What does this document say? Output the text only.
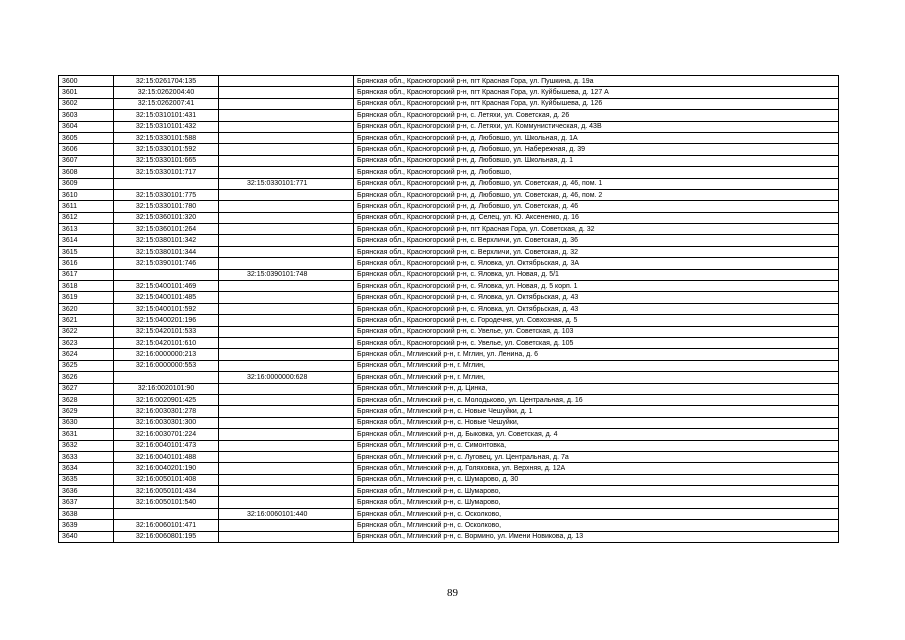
3600	32:15:0261704:135		Брянская обл., Красногорский р-н, пгт Красная Гора, ул. Пушкина, д. 19а
3601	32:15:0262004:40		Брянская обл., Красногорский р-н, пгт Красная Гора, ул. Куйбышева, д. 127 А
3602	32:15:0262007:41		Брянская обл., Красногорский р-н, пгт Красная Гора, ул. Куйбышева, д. 126
3603	32:15:0310101:431		Брянская обл., Красногорский р-н, с. Летяхи, ул. Советская, д. 26
3604	32:15:0310101:432		Брянская обл., Красногорский р-н, с. Летяхи, ул. Коммунистическая, д. 43В
3605	32:15:0330101:588		Брянская обл., Красногорский р-н, д. Любовшо, ул. Школьная, д. 1А
3606	32:15:0330101:592		Брянская обл., Красногорский р-н, д. Любовшо, ул. Набережная, д. 39
3607	32:15:0330101:665		Брянская обл., Красногорский р-н, д. Любовшо, ул. Школьная, д. 1
3608	32:15:0330101:717		Брянская обл., Красногорский р-н, д. Любовшо,
3609		32:15:0330101:771	Брянская обл., Красногорский р-н, д. Любовшо, ул. Советская, д. 46, пом. 1
3610	32:15:0330101:775		Брянская обл., Красногорский р-н, д. Любовшо, ул. Советская, д. 46, пом. 2
3611	32:15:0330101:780		Брянская обл., Красногорский р-н, д. Любовшо, ул. Советская, д. 46
3612	32:15:0360101:320		Брянская обл., Красногорский р-н, д. Селец, ул. Ю. Аксененко, д. 16
3613	32:15:0360101:264		Брянская обл., Красногорский р-н, пгт Красная Гора, ул. Советская, д. 32
3614	32:15:0380101:342		Брянская обл., Красногорский р-н, с. Верхличи, ул. Советская, д. 36
3615	32:15:0380101:344		Брянская обл., Красногорский р-н, с. Верхличи, ул. Советская, д. 32
3616	32:15:0390101:746		Брянская обл., Красногорский р-н, с. Яловка, ул. Октябрьская, д. 3А
3617		32:15:0390101:748	Брянская обл., Красногорский р-н, с. Яловка, ул. Новая, д. 5/1
3618	32:15:0400101:469		Брянская обл., Красногорский р-н, с. Яловка, ул. Новая, д. 5 корп. 1
3619	32:15:0400101:485		Брянская обл., Красногорский р-н, с. Яловка, ул. Октябрьская, д. 43
3620	32:15:0400101:592		Брянская обл., Красногорский р-н, с. Яловка, ул. Октябрьская, д. 43
3621	32:15:0400201:196		Брянская обл., Красногорский р-н, с. Городечня, ул. Совхозная, д. 5
3622	32:15:0420101:533		Брянская обл., Красногорский р-н, с. Увелье, ул. Советская, д. 103
3623	32:15:0420101:610		Брянская обл., Красногорский р-н, с. Увелье, ул. Советская, д. 105
3624	32:16:0000000:213		Брянская обл., Мглинский р-н, г. Мглин, ул. Ленина, д. 6
3625	32:16:0000000:553		Брянская обл., Мглинский р-н, г. Мглин,
3626		32:16:0000000:628	Брянская обл., Мглинский р-н, г. Мглин,
3627	32:16:0020101:90		Брянская обл., Мглинский р-н, д. Цинка,
3628	32:16:0020901:425		Брянская обл., Мглинский р-н, с. Молодьково, ул. Центральная, д. 16
3629	32:16:0030301:278		Брянская обл., Мглинский р-н, с. Новые Чешуйки, д. 1
3630	32:16:0030301:300		Брянская обл., Мглинский р-н, с. Новые Чешуйки,
3631	32:16:0030701:224		Брянская обл., Мглинский р-н, д. Быковка, ул. Советская, д. 4
3632	32:16:0040101:473		Брянская обл., Мглинский р-н, с. Симонтовка,
3633	32:16:0040101:488		Брянская обл., Мглинский р-н, с. Луговец, ул. Центральная, д. 7а
3634	32:16:0040201:190		Брянская обл., Мглинский р-н, д. Голяховка, ул. Верхняя, д. 12А
3635	32:16:0050101:408		Брянская обл., Мглинский р-н, с. Шумарово, д. 30
3636	32:16:0050101:434		Брянская обл., Мглинский р-н, с. Шумарово,
3637	32:16:0050101:540		Брянская обл., Мглинский р-н, с. Шумарово,
3638		32:16:0060101:440	Брянская обл., Мглинский р-н, с. Осколково,
3639	32:16:0060101:471		Брянская обл., Мглинский р-н, с. Осколково,
3640	32:16:0060801:195		Брянская обл., Мглинский р-н, с. Вормино, ул. Имени Новикова, д. 13
89
